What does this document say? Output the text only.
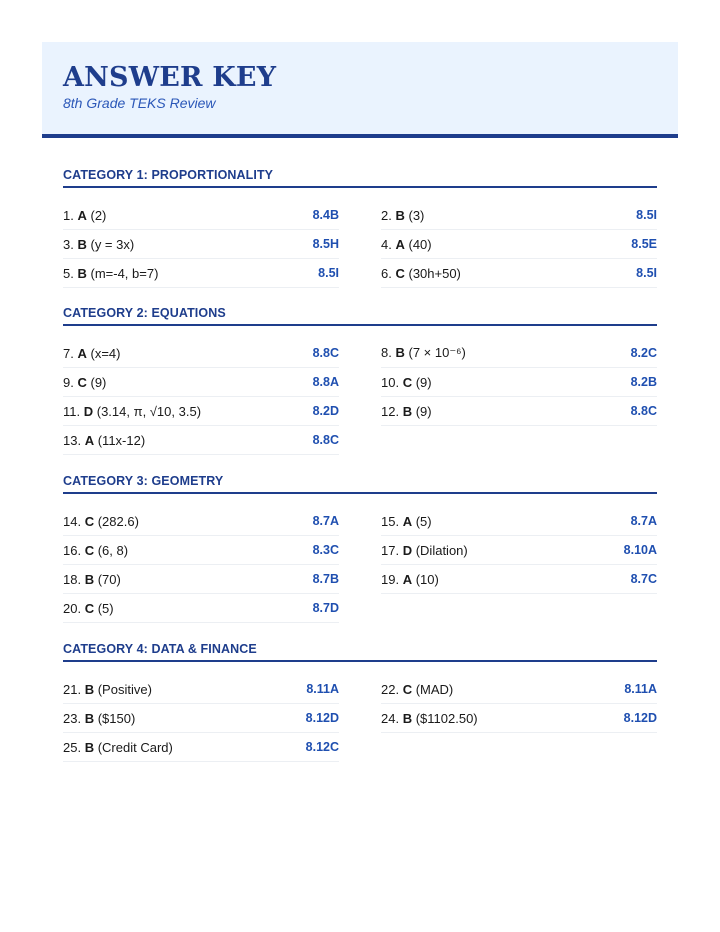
ANSWER KEY
8th Grade TEKS Review
CATEGORY 1: PROPORTIONALITY
1. A (2)	8.4B	2. B (3)	8.5I
3. B (y = 3x)	8.5H	4. A (40)	8.5E
5. B (m=-4, b=7)	8.5I	6. C (30h+50)	8.5I
CATEGORY 2: EQUATIONS
7. A (x=4)	8.8C	8. B (7 × 10⁻⁶)	8.2C
9. C (9)	8.8A	10. C (9)	8.2B
11. D (3.14, π, √10, 3.5)	8.2D	12. B (9)	8.8C
13. A (11x-12)	8.8C
CATEGORY 3: GEOMETRY
14. C (282.6)	8.7A	15. A (5)	8.7A
16. C (6, 8)	8.3C	17. D (Dilation)	8.10A
18. B (70)	8.7B	19. A (10)	8.7C
20. C (5)	8.7D
CATEGORY 4: DATA & FINANCE
21. B (Positive)	8.11A	22. C (MAD)	8.11A
23. B ($150)	8.12D	24. B ($1102.50)	8.12D
25. B (Credit Card)	8.12C
